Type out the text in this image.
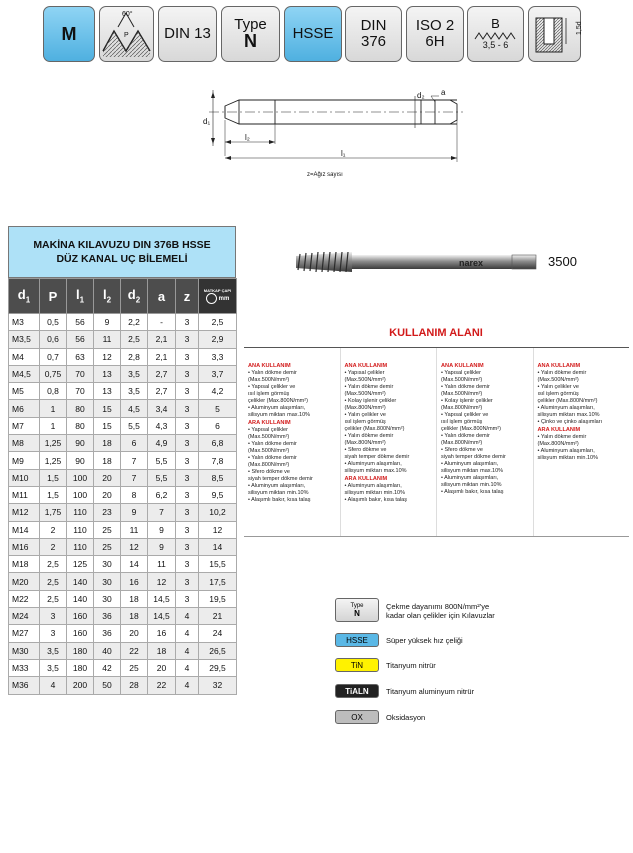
M
60°
P DIN 13
Type
N HSSE DIN
376
ISO 2
6H
B
3,5 - 6
1,5d
d₁
d₂ a
l₂
l₁
z=Ağız sayısı
MAKİNA KILAVUZU DIN 376B HSSE
DÜZ KANAL UÇ BİLEMELİ
$d_1$	P	$l_1$	$l_2$	$d_2$	a	z	MATKAP ÇAPI
mm

M3	0,5	56	9	2,2	-	3	2,5
M3,5	0,6	56	11	2,5	2,1	3	2,9
M4	0,7	63	12	2,8	2,1	3	3,3
M4,5	0,75	70	13	3,5	2,7	3	3,7
M5	0,8	70	13	3,5	2,7	3	4,2
M6	1	80	15	4,5	3,4	3	5
M7	1	80	15	5,5	4,3	3	6
M8	1,25	90	18	6	4,9	3	6,8
M9	1,25	90	18	7	5,5	3	7,8
M10	1,5	100	20	7	5,5	3	8,5
M11	1,5	100	20	8	6,2	3	9,5
M12	1,75	110	23	9	7	3	10,2
M14	2	110	25	11	9	3	12
M16	2	110	25	12	9	3	14
M18	2,5	125	30	14	11	3	15,5
M20	2,5	140	30	16	12	3	17,5
M22	2,5	140	30	18	14,5	3	19,5
M24	3	160	36	18	14,5	4	21
M27	3	160	36	20	16	4	24
M30	3,5	180	40	22	18	4	26,5
M33	3,5	180	42	25	20	4	29,5
M36	4	200	50	28	22	4	32
narex	3500
KULLANIM ALANI
ANA KULLANIM
• Yalın dökme demir
(Max.500N/mm²)
• Yapısal çelikler ve
ısıl işlem görmüş
çelikler (Max.800N/mm²)
• Aluminyum alaşımları,
silisyum miktarı max.10%
ARA KULLANIM
• Yapısal çelikler
(Max.500N/mm²)
• Yalın dökme demir
(Max.500N/mm²)
• Yalın dökme demir
(Max.800N/mm²)
• Sfero dökme ve
siyah temper dökme demir
• Aluminyum alaşımları,
silisyum miktarı min.10%
• Alaşımlı bakır, kısa talaş
ANA KULLANIM
• Yapısal çelikler
(Max.500N/mm²)
• Yalın dökme demir
(Max.500N/mm²)
• Kolay işlenir çelikler
(Max.800N/mm²)
• Yalın çelikler ve
ısıl işlem görmüş
çelikler (Max.800N/mm²)
• Yalın dökme demir
(Max.800N/mm²)
• Sfero dökme ve
siyah temper dökme demir
• Aluminyum alaşımları,
silisyum miktarı max.10%
ARA KULLANIM
• Aluminyum alaşımları,
silisyum miktarı min.10%
• Alaşımlı bakır, kısa talaş
ANA KULLANIM
• Yapısal çelikler
(Max.500N/mm²)
• Yalın dökme demir
(Max.500N/mm²)
• Kolay işlenir çelikler
(Max.800N/mm²)
• Yapısal çelikler ve
ısıl işlem görmüş
çelikler (Max.800N/mm²)
• Yalın dökme demir
(Max.800N/mm²)
• Sfero dökme ve
siyah temper dökme demir
• Aluminyum alaşımları,
silisyum miktarı max.10%
• Aluminyum alaşımları,
silisyum miktarı min.10%
• Alaşımlı bakır, kısa talaş
ANA KULLANIM
• Yalın dökme demir
(Max.500N/mm²)
• Yalın çelikler ve
ısıl işlem görmüş
çelikler (Max.800N/mm²)
• Aluminyum alaşımları,
silisyum miktarı max.10%
• Çinko ve çinko alaşımları
ARA KULLANIM
• Yalın dökme demir
(Max.800N/mm²)
• Aluminyum alaşımları,
silisyum miktarı min.10%
Type
N
Çekme dayanımı 800N/mm²'ye
kadar olan çelikler için Kılavuzlar
HSSE Süper yüksek hız çeliği
TiN	Titanyum nitrür
TiALN Titanyum aluminyum nitrür
OX	Oksidasyon
